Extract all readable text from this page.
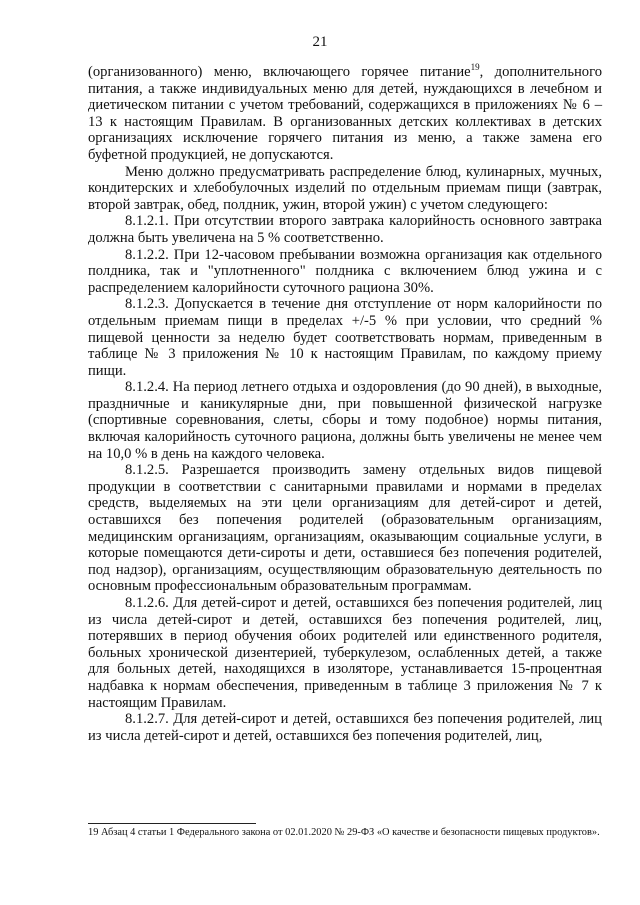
21

(организованного) меню, включающего горячее питание$^{19}$, дополнительного питания, а также индивидуальных меню для детей, нуждающихся в лечебном и диетическом питании с учетом требований, содержащихся в приложениях № 6 – 13 к настоящим Правилам. В организованных детских коллективах в детских организациях исключение горячего питания из меню, а также замена его буфетной продукцией, не допускаются.

Меню должно предусматривать распределение блюд, кулинарных, мучных, кондитерских и хлебобулочных изделий по отдельным приемам пищи (завтрак, второй завтрак, обед, полдник, ужин, второй ужин) с учетом следующего:

8.1.2.1. При отсутствии второго завтрака калорийность основного завтрака должна быть увеличена на 5 % соответственно.

8.1.2.2. При 12-часовом пребывании возможна организация как отдельного полдника, так и "уплотненного" полдника с включением блюд ужина и с распределением калорийности суточного рациона 30%.

8.1.2.3. Допускается в течение дня отступление от норм калорийности по отдельным приемам пищи в пределах +/-5 % при условии, что средний % пищевой ценности за неделю будет соответствовать нормам, приведенным в таблице № 3 приложения № 10 к настоящим Правилам, по каждому приему пищи.

8.1.2.4. На период летнего отдыха и оздоровления (до 90 дней), в выходные, праздничные и каникулярные дни, при повышенной физической нагрузке (спортивные соревнования, слеты, сборы и тому подобное) нормы питания, включая калорийность суточного рациона, должны быть увеличены не менее чем на 10,0 % в день на каждого человека.

8.1.2.5. Разрешается производить замену отдельных видов пищевой продукции в соответствии с санитарными правилами и нормами в пределах средств, выделяемых на эти цели организациям для детей-сирот и детей, оставшихся без попечения родителей (образовательным организациям, медицинским организациям, организациям, оказывающим социальные услуги, в которые помещаются дети-сироты и дети, оставшиеся без попечения родителей, под надзор), организациям, осуществляющим образовательную деятельность по основным профессиональным образовательным программам.

8.1.2.6. Для детей-сирот и детей, оставшихся без попечения родителей, лиц из числа детей-сирот и детей, оставшихся без попечения родителей, лиц, потерявших в период обучения обоих родителей или единственного родителя, больных хронической дизентерией, туберкулезом, ослабленных детей, а также для больных детей, находящихся в изоляторе, устанавливается 15-процентная надбавка к нормам обеспечения, приведенным в таблице 3 приложения № 7 к настоящим Правилам.

8.1.2.7. Для детей-сирот и детей, оставшихся без попечения родителей, лиц из числа детей-сирот и детей, оставшихся без попечения родителей, лиц,

19 Абзац 4 статьи 1 Федерального закона от 02.01.2020 № 29-ФЗ «О качестве и безопасности пищевых продуктов».
